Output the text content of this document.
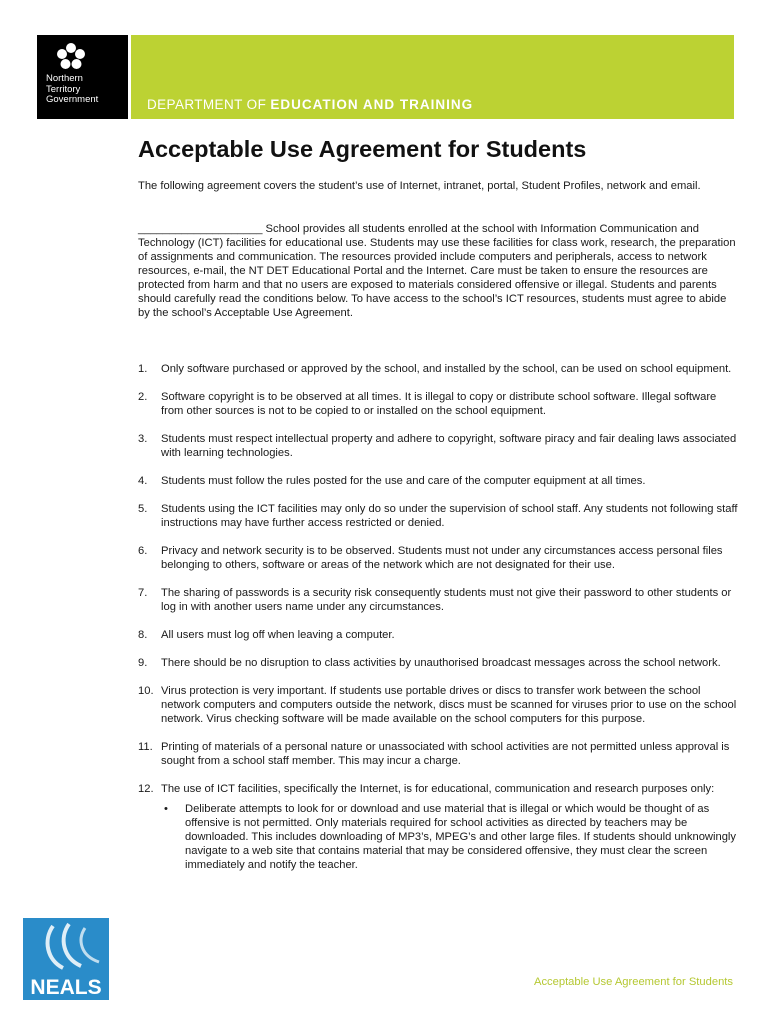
Northern
Territory
Government	DEPARTMENT OF EDUCATION AND TRAINING
Acceptable Use Agreement for Students
The following agreement covers the student’s use of Internet, intranet, portal, Student Profiles, network and email.
____________________ School provides all students enrolled at the school with Information Communication and Technology (ICT) facilities for educational use. Students may use these facilities for class work, research, the preparation of assignments and communication. The resources provided include computers and peripherals, access to network resources, e-mail, the NT DET Educational Portal and the Internet. Care must be taken to ensure the resources are protected from harm and that no users are exposed to materials considered offensive or illegal. Students and parents should carefully read the conditions below. To have access to the school’s ICT resources, students must agree to abide by the school’s Acceptable Use Agreement.
1. Only software purchased or approved by the school, and installed by the school, can be used on school equipment.
2. Software copyright is to be observed at all times. It is illegal to copy or distribute school software. Illegal software from other sources is not to be copied to or installed on the school equipment.
3. Students must respect intellectual property and adhere to copyright, software piracy and fair dealing laws associated with learning technologies.
4. Students must follow the rules posted for the use and care of the computer equipment at all times.
5. Students using the ICT facilities may only do so under the supervision of school staff. Any students not following staff instructions may have further access restricted or denied.
6. Privacy and network security is to be observed. Students must not under any circumstances access personal files belonging to others, software or areas of the network which are not designated for their use.
7. The sharing of passwords is a security risk consequently students must not give their password to other students or log in with another users name under any circumstances.
8. All users must log off when leaving a computer.
9. There should be no disruption to class activities by unauthorised broadcast messages across the school network.
10. Virus protection is very important. If students use portable drives or discs to transfer work between the school network computers and computers outside the network, discs must be scanned for viruses prior to use on the school network. Virus checking software will be made available on the school computers for this purpose.
11. Printing of materials of a personal nature or unassociated with school activities are not permitted unless approval is sought from a school staff member. This may incur a charge.
12. The use of ICT facilities, specifically the Internet, is for educational, communication and research purposes only:
• Deliberate attempts to look for or download and use material that is illegal or which would be thought of as offensive is not permitted. Only materials required for school activities as directed by teachers may be downloaded. This includes downloading of MP3’s, MPEG’s and other large files. If students should unknowingly navigate to a web site that contains material that may be considered offensive, they must clear the screen immediately and notify the teacher.
NEALS	Acceptable Use Agreement for Students
